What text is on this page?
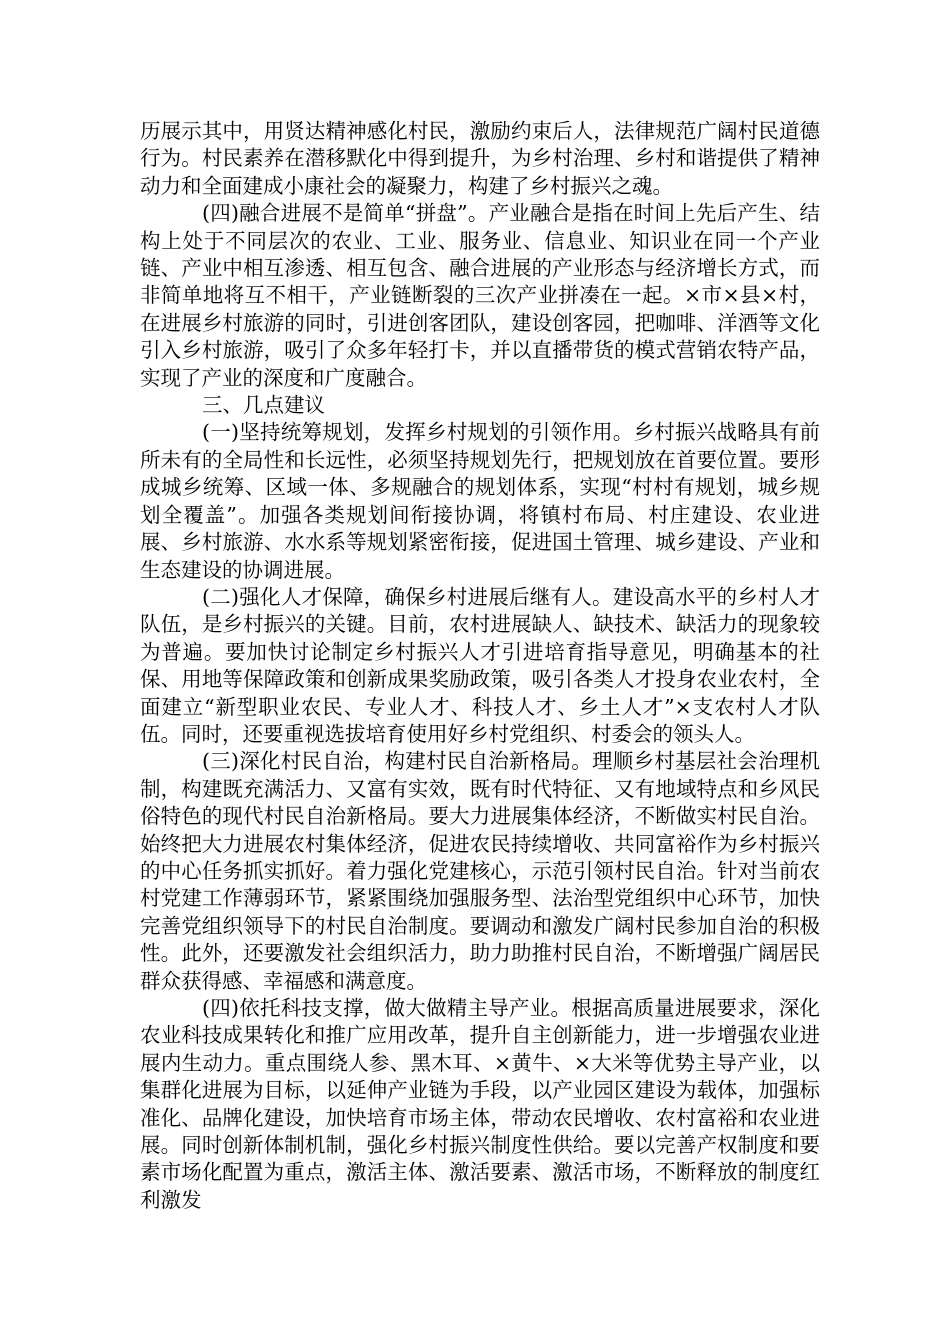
历展示其中，用贤达精神感化村民，激励约束后人，法律规范广阔村民道德行为。村民素养在潜移默化中得到提升，为乡村治理、乡村和谐提供了精神动力和全面建成小康社会的凝聚力，构建了乡村振兴之魂。

(四)融合进展不是简单“拼盘”。产业融合是指在时间上先后产生、结构上处于不同层次的农业、工业、服务业、信息业、知识业在同一个产业链、产业中相互渗透、相互包含、融合进展的产业形态与经济增长方式，而非简单地将互不相干，产业链断裂的三次产业拼凑在一起。×市×县×村，在进展乡村旅游的同时，引进创客团队，建设创客园，把咖啡、洋酒等文化引入乡村旅游，吸引了众多年轻打卡，并以直播带货的模式营销农特产品，实现了产业的深度和广度融合。

三、几点建议

(一)坚持统筹规划，发挥乡村规划的引领作用。乡村振兴战略具有前所未有的全局性和长远性，必须坚持规划先行，把规划放在首要位置。要形成城乡统筹、区域一体、多规融合的规划体系，实现“村村有规划，城乡规划全覆盖”。加强各类规划间衔接协调，将镇村布局、村庄建设、农业进展、乡村旅游、水水系等规划紧密衔接，促进国土管理、城乡建设、产业和生态建设的协调进展。

(二)强化人才保障，确保乡村进展后继有人。建设高水平的乡村人才队伍，是乡村振兴的关键。目前，农村进展缺人、缺技术、缺活力的现象较为普遍。要加快讨论制定乡村振兴人才引进培育指导意见，明确基本的社保、用地等保障政策和创新成果奖励政策，吸引各类人才投身农业农村，全面建立“新型职业农民、专业人才、科技人才、乡土人才”×支农村人才队伍。同时，还要重视选拔培育使用好乡村党组织、村委会的领头人。

(三)深化村民自治，构建村民自治新格局。理顺乡村基层社会治理机制，构建既充满活力、又富有实效，既有时代特征、又有地域特点和乡风民俗特色的现代村民自治新格局。要大力进展集体经济，不断做实村民自治。始终把大力进展农村集体经济，促进农民持续增收、共同富裕作为乡村振兴的中心任务抓实抓好。着力强化党建核心，示范引领村民自治。针对当前农村党建工作薄弱环节，紧紧围绕加强服务型、法治型党组织中心环节，加快完善党组织领导下的村民自治制度。要调动和激发广阔村民参加自治的积极性。此外，还要激发社会组织活力，助力助推村民自治，不断增强广阔居民群众获得感、幸福感和满意度。

(四)依托科技支撑，做大做精主导产业。根据高质量进展要求，深化农业科技成果转化和推广应用改革，提升自主创新能力，进一步增强农业进展内生动力。重点围绕人参、黑木耳、×黄牛、×大米等优势主导产业，以集群化进展为目标，以延伸产业链为手段，以产业园区建设为载体，加强标准化、品牌化建设，加快培育市场主体，带动农民增收、农村富裕和农业进展。同时创新体制机制，强化乡村振兴制度性供给。要以完善产权制度和要素市场化配置为重点，激活主体、激活要素、激活市场，不断释放的制度红利激发
